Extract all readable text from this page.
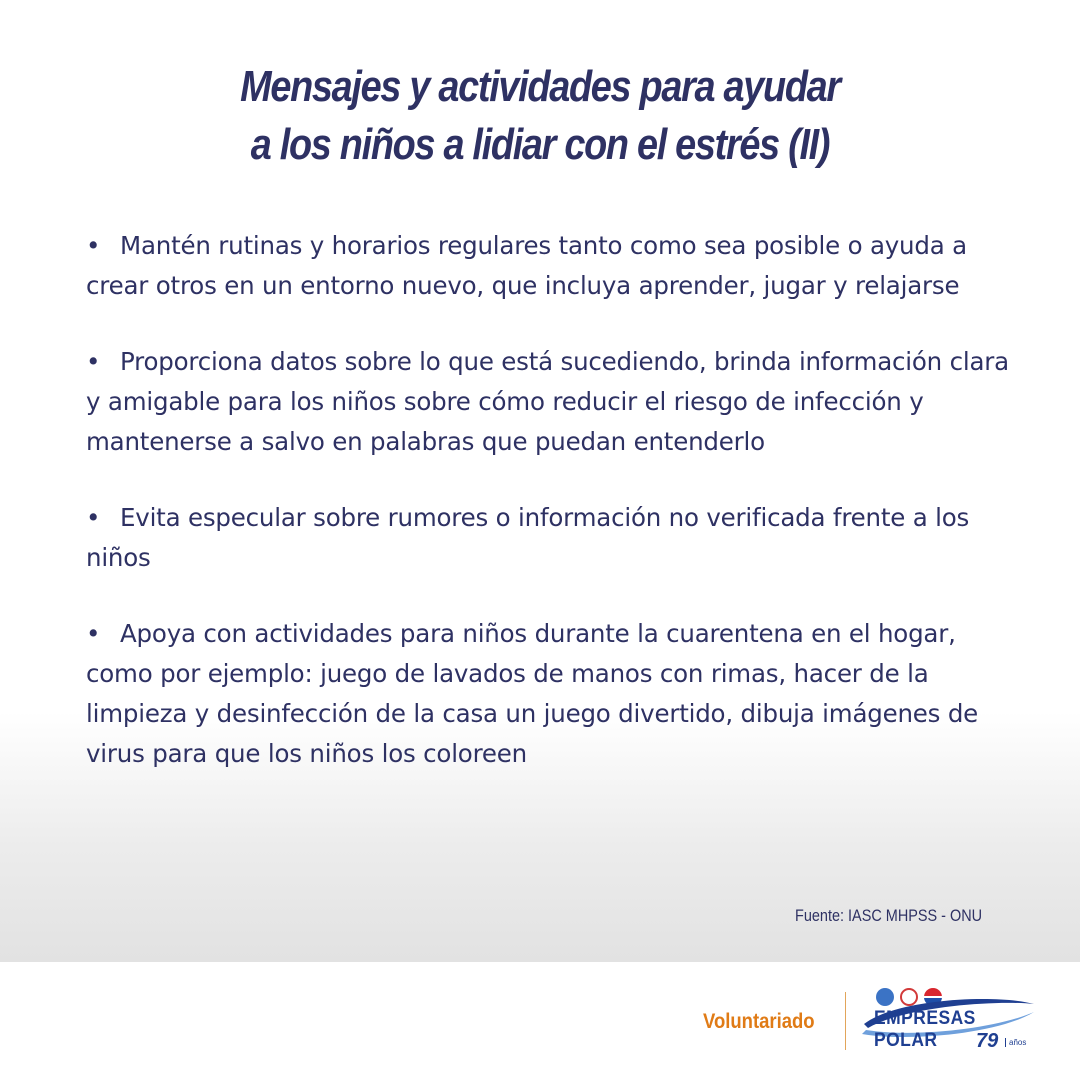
Mensajes y actividades para ayudar
a los niños a lidiar con el estrés (II)

• Mantén rutinas y horarios regulares tanto como sea posible o ayuda a crear otros en un entorno nuevo, que incluya aprender, jugar y relajarse

• Proporciona datos sobre lo que está sucediendo, brinda información clara y amigable para los niños sobre cómo reducir el riesgo de infección y mantenerse a salvo en palabras que puedan entenderlo

• Evita especular sobre rumores o información no verificada frente a los niños

• Apoya con actividades para niños durante la cuarentena en el hogar, como por ejemplo: juego de lavados de manos con rimas, hacer de la limpieza y desinfección de la casa un juego divertido, dibuja imágenes de virus para que los niños los coloreen

Fuente: IASC MHPSS - ONU
Voluntariado	EMPRESAS POLAR	79	años
